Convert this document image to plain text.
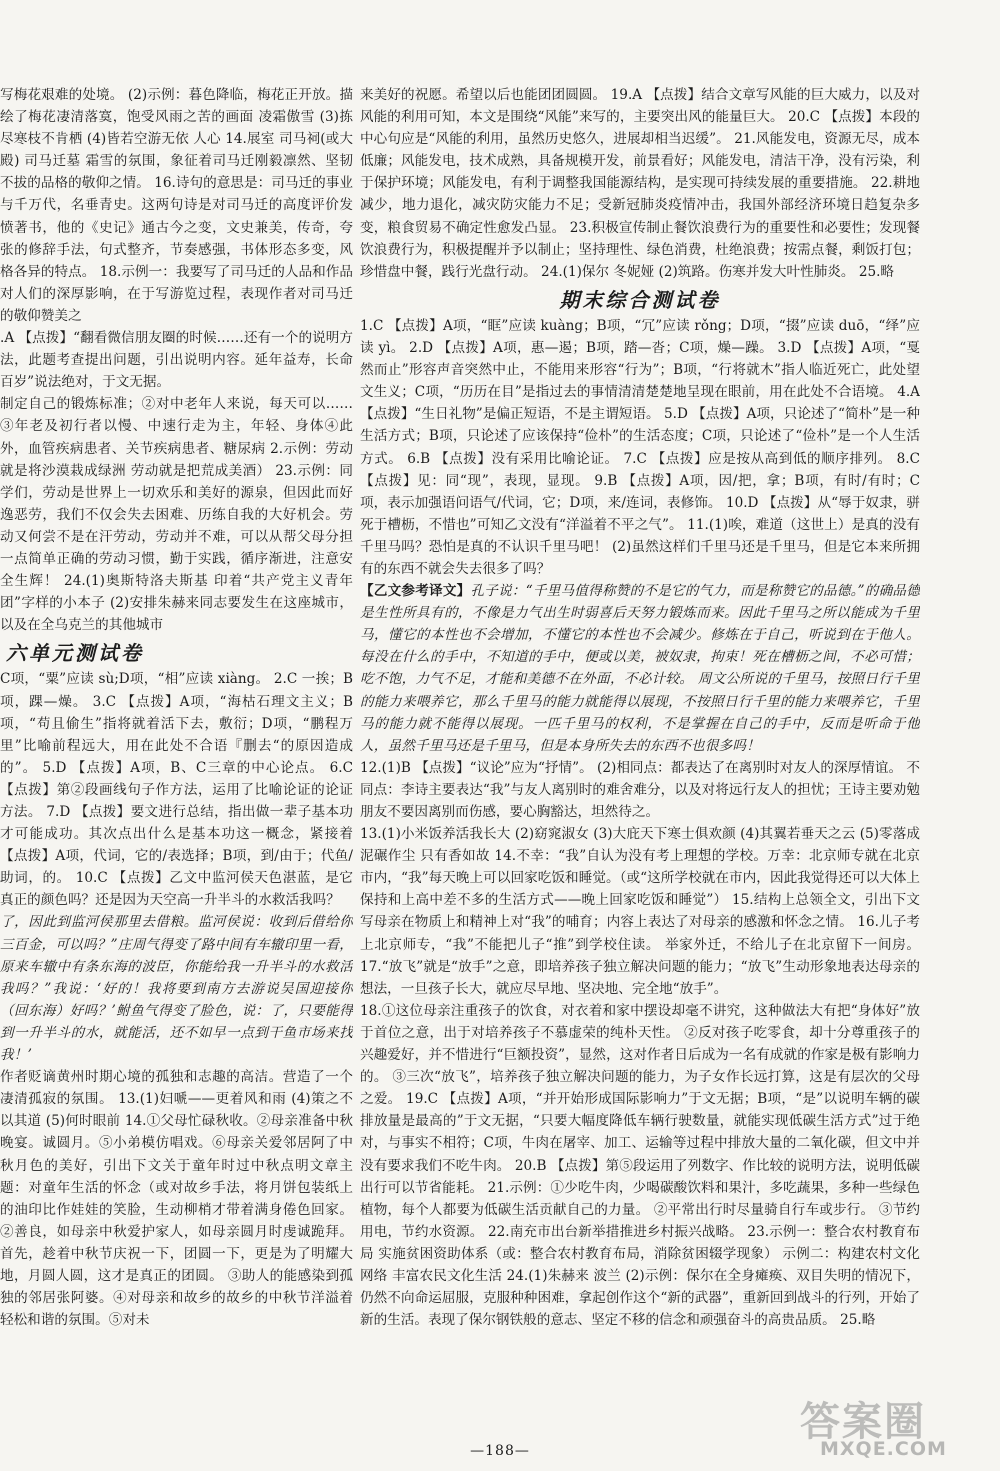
写梅花艰难的处境。 (2)示例：暮色降临，梅花正开放。描绘了梅花凄清落寞，饱受风雨之苦的画面 凌霜傲雪 (3)拣尽寒枝不肯栖 (4)皆若空游无依 人心 14.展室 司马祠(或大殿) 司马迁墓 霜雪的氛围，象征着司马迁刚毅凛然、坚韧不拔的品格的敬仰之情。 16.诗句的意思是：司马迁的事业与千万代，名垂青史。这两句诗是对司马迁的高度评价发愤著书，他的《史记》通古今之变，文史兼美，传奇，夸张的修辞手法，句式整齐，节奏感强，书体形态多变，风格各异的特点。 18.示例一：我要写了司马迁的人品和作品对人们的深厚影响，在于写游览过程，表现作者对司马迁的敬仰赞美之

.A 【点拨】“翻看微信朋友圈的时候……还有一个的说明方法，此题考查提出问题，引出说明内容。延年益寿，长命百岁”说法绝对，于文无据。

制定自己的锻炼标准；②对中老年人来说，每天可以……③年老及初行者以慢、中速行走为主，年轻、身体④此外，血管疾病患者、关节疾病患者、糖尿病 2.示例：劳动就是将沙漠栽成绿洲 劳动就是把荒成美酒） 23.示例：同学们，劳动是世界上一切欢乐和美好的源泉，但因此而好逸恶劳，我们不仅会失去困难、历练自我的大好机会。劳动又何尝不是在汗劳动，劳动并不难，可以从帮父母分担一点简单正确的劳动习惯，勤于实践，循序渐进，注意安全生辉！ 24.(1)奥斯特洛夫斯基 印着“共产党主义青年团”字样的小本子 (2)安排朱赫来同志要发生在这座城市，以及在全乌克兰的其他城市

六单元测试卷

C项，“粟”应读 sù;D项，“相”应读 xiàng。 2.C 一挨；B项，踝—燥。 3.C 【点拨】A项，“海枯石理文主义；B项，“苟且偷生”指将就着活下去，敷衍；D项，“鹏程万里”比喻前程远大，用在此处不合语『删去“的原因造成的”。 5.D 【点拨】A项，B、C三章的中心论点。 6.C 【点拨】第②段画线句子作方法，运用了比喻论证的论证方法。 7.D 【点拨】要文进行总结，指出做一辈子基本功才可能成功。其次点出什么是基本功这一概念，紧接着 【点拨】A项，代词，它的/表选择；B项，到/由于；代鱼/助词，的。 10.C 【点拨】乙文中监河侯天色湛蓝，是它真正的颜色吗？还是因为天空高一升半斗的水救活我吗？

了，因此到监河侯那里去借粮。监河侯说：收到后借给你三百金，可以吗？”庄周气得变了路中间有车辙印里一看，原来车辙中有条东海的波臣，你能给我一升半斗的水救活我吗？”我说：‘好的！我将要到南方去游说吴国迎接你（回东海）好吗？’鲋鱼气得变了脸色，说：了，只要能得到一升半斗的水，就能活，还不如早一点到干鱼市场来找我！’

作者贬谪黄州时期心境的孤独和志趣的高洁。营造了一个凄清孤寂的氛围。 13.(1)妇嗁——更着风和雨 (4)策之不以其道 (5)何时眼前 14.①父母忙碌秋收。②母亲准备中秋晚宴。诚圆月。⑤小弟模仿唱戏。⑥母亲关爱邻居阿了中秋月色的美好，引出下文关于童年时过中秋点明文章主题：对童年生活的怀念（或对故乡手法，将月饼包装纸上的油印比作娃娃的笑脸，生动柳梢才带着满身倦色回家。②善良，如母亲中秋爱护家人，如母亲圆月时虔诚跪拜。 首先，趁着中秋节庆祝一下，团圆一下，更是为了明耀大地，月圆人圆，这才是真正的团圆。 ③助人的能感染到孤独的邻居张阿婆。④对母亲和故乡的故乡的中秋节洋溢着轻松和谐的氛围。⑤对未

来美好的祝愿。希望以后也能团团圆圆。 19.A 【点拨】结合文章写风能的巨大威力，以及对风能的利用可知，本文是围绕“风能”来写的，主要突出风的能量巨大。 20.C 【点拨】本段的中心句应是“风能的利用，虽然历史悠久，进展却相当迟缓”。 21.风能发电，资源无尽，成本低廉；风能发电，技术成熟，具备规模开发，前景看好；风能发电，清洁干净，没有污染，利于保护环境；风能发电，有利于调整我国能源结构，是实现可持续发展的重要措施。 22.耕地减少，地力退化，减灾防灾能力不足；受新冠肺炎疫情冲击，我国外部经济环境日趋复杂多变，粮食贸易不确定性愈发凸显。 23.积极宣传制止餐饮浪费行为的重要性和必要性；发现餐饮浪费行为，积极提醒并予以制止；坚持理性、绿色消费，杜绝浪费；按需点餐，剩饭打包；珍惜盘中餐，践行光盘行动。 24.(1)保尔 冬妮娅 (2)筑路。伤寒并发大叶性肺炎。 25.略

期末综合测试卷

1.C 【点拨】A项，“眶”应读 kuàng；B项，“冗”应读 rǒng；D项，“掇”应读 duō，“绎”应读 yì。 2.D 【点拨】A项，惠—遏；B项，踏—沓；C项，燥—躁。 3.D 【点拨】A项，“戛然而止”形容声音突然中止，不能用来形容“行为”；B项，“行将就木”指人临近死亡，此处望文生义；C项，“历历在目”是指过去的事情清清楚楚地呈现在眼前，用在此处不合语境。 4.A 【点拨】“生日礼物”是偏正短语，不是主谓短语。 5.D 【点拨】A项，只论述了“简朴”是一种生活方式；B项，只论述了应该保持“俭朴”的生活态度；C项，只论述了“俭朴”是一个人生活方式。 6.B 【点拨】没有采用比喻论证。 7.C 【点拨】应是按从高到低的顺序排列。 8.C 【点拨】见：同“现”，表现，显现。 9.B 【点拨】A项，因/把，拿；B项，有时/有时；C项，表示加强语问语气/代词，它；D项，来/连词，表修饰。 10.D 【点拨】从“辱于奴隶，骈死于槽枥，不惜也”可知乙文没有“洋溢着不平之气”。 11.(1)唉，难道（这世上）是真的没有千里马吗？恐怕是真的不认识千里马吧！ (2)虽然这样们千里马还是千里马，但是它本来所拥有的东西不就会失去很多了吗？

【乙文参考译文】孔子说：“千里马值得称赞的不是它的气力，而是称赞它的品德。”的确品德是生性所具有的，不像是力气出生时弱喜后天努力锻炼而来。因此千里马之所以能成为千里马，懂它的本性也不会增加，不懂它的本性也不会减少。修炼在于自己，听说到在于他人。每没在什么的手中，不知道的手中，便或以美，被奴隶，拘束！死在槽枥之间，不必可惜；吃不饱，力气不足，才能和美德不在外面，不必计较。 周文公所说的千里马，按照日行千里的能力来喂养它，那么千里马的能力就能得以展现，不按照日行千里的能力来喂养它，千里马的能力就不能得以展现。一匹千里马的权利，不是掌握在自己的手中，反而是听命于他人，虽然千里马还是千里马，但是本身所失去的东西不也很多吗！

12.(1)B 【点拨】“议论”应为“抒情”。 (2)相同点：都表达了在离别时对友人的深厚情谊。 不同点：李诗主要表达“我”与友人离别时的难舍难分，以及对将远行友人的担忧；王诗主要劝勉朋友不要因离别而伤感，要心胸豁达，坦然待之。

13.(1)小米饭养活我长大 (2)窈窕淑女 (3)大庇天下寒士俱欢颜 (4)其翼若垂天之云 (5)零落成泥碾作尘 只有香如故 14.不幸：“我”自认为没有考上理想的学校。万幸：北京师专就在北京市内，“我”每天晚上可以回家吃饭和睡觉。（或“这所学校就在市内，因此我觉得还可以大体上保持和上高中差不多的生活方式——晚上回家吃饭和睡觉”） 15.结构上总领全文，引出下文写母亲在物质上和精神上对“我”的哺育；内容上表达了对母亲的感激和怀念之情。 16.儿子考上北京师专，“我”不能把儿子“推”到学校住读。 举家外迁，不给儿子在北京留下一间房。 17.“放飞”就是“放手”之意，即培养孩子独立解决问题的能力；“放飞”生动形象地表达母亲的想法，一旦孩子长大，就应尽早地、坚决地、完全地“放手”。

18.①这位母亲注重孩子的饮食，对衣着和家中摆设却毫不讲究，这种做法大有把“身体好”放于首位之意，出于对培养孩子不慕虚荣的纯朴天性。 ②反对孩子吃零食，却十分尊重孩子的兴趣爱好，并不惜进行“巨额投资”，显然，这对作者日后成为一名有成就的作家是极有影响力的。 ③三次“放飞”，培养孩子独立解决问题的能力，为子女作长远打算，这是有层次的父母之爱。 19.C 【点拨】A项，“并开始形成国际影响力”于文无据；B项，“是”以说明车辆的碳排放量是最高的”于文无据，“只要大幅度降低车辆行驶数量，就能实现低碳生活方式”过于绝对，与事实不相符；C项，牛肉在屠宰、加工、运输等过程中排放大量的二氧化碳，但文中并没有要求我们不吃牛肉。 20.B 【点拨】第⑤段运用了列数字、作比较的说明方法，说明低碳出行可以节省能耗。 21.示例：①少吃牛肉，少喝碳酸饮料和果汁，多吃蔬果，多种一些绿色植物，每个人都要为低碳生活贡献自己的力量。 ②平常出行时尽量骑自行车或步行。 ③节约用电，节约水资源。 22.南充市出台新举措推进乡村振兴战略。 23.示例一：整合农村教育布局 实施贫困资助体系（或：整合农村教育布局，消除贫困辍学现象） 示例二：构建农村文化网络 丰富农民文化生活 24.(1)朱赫来 波兰 (2)示例：保尔在全身瘫痪、双目失明的情况下，仍然不向命运屈服，克服种种困难，拿起创作这个“新的武器”，重新回到战斗的行列，开始了新的生活。表现了保尔钢铁般的意志、坚定不移的信念和顽强奋斗的高贵品质。 25.略

—188—
答案圈
MXQE.COM
